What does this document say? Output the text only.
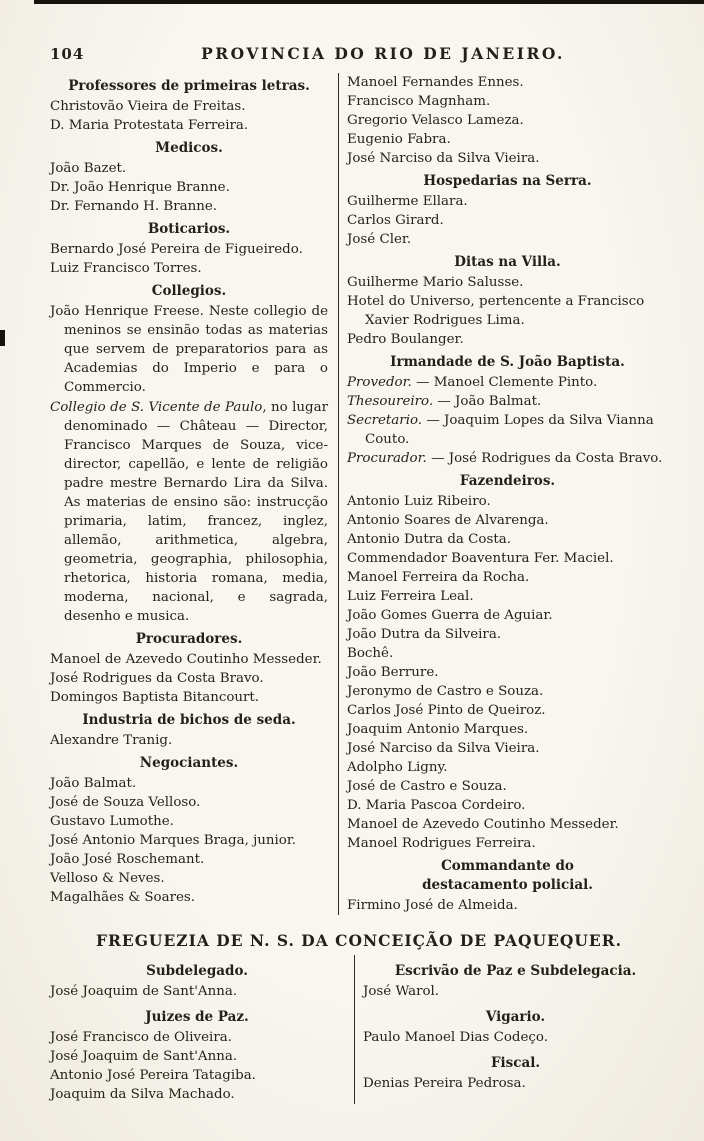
104	PROVINCIA DO RIO DE JANEIRO.
Professores de primeiras letras.
Christovão Vieira de Freitas.
D. Maria Protestata Ferreira.
Medicos.
João Bazet.
Dr. João Henrique Branne.
Dr. Fernando H. Branne.
Boticarios.
Bernardo José Pereira de Figueiredo.
Luiz Francisco Torres.
Collegios.

João Henrique Freese. Neste collegio de meninos se ensinão todas as materias que servem de preparatorios para as Academias do Imperio e para o Commercio.

Collegio de S. Vicente de Paulo, no lugar denominado — Château — Director, Francisco Marques de Souza, vice-director, capellão, e lente de religião padre mestre Bernardo Lira da Silva. As materias de ensino são: instrucção primaria, latim, francez, inglez, allemão, arithmetica, algebra, geometria, geographia, philosophia, rhetorica, historia romana, media, moderna, nacional, e sagrada, desenho e musica.

Procuradores.
Manoel de Azevedo Coutinho Messeder.
José Rodrigues da Costa Bravo.
Domingos Baptista Bitancourt.
Industria de bichos de seda.
Alexandre Tranig.
Negociantes.
João Balmat.
José de Souza Velloso.
Gustavo Lumothe.
José Antonio Marques Braga, junior.
João José Roschemant.
Velloso & Neves.
Magalhães & Soares.
Manoel Fernandes Ennes.
Francisco Magnham.
Gregorio Velasco Lameza.
Eugenio Fabra.
José Narciso da Silva Vieira.
Hospedarias na Serra.
Guilherme Ellara.
Carlos Girard.
José Cler.
Ditas na Villa.
Guilherme Mario Salusse.
Hotel do Universo, pertencente a Francisco Xavier Rodrigues Lima.
Pedro Boulanger.
Irmandade de S. João Baptista.
Provedor. — Manoel Clemente Pinto.
Thesoureiro. — João Balmat.
Secretario. — Joaquim Lopes da Silva Vianna Couto.
Procurador. — José Rodrigues da Costa Bravo.
Fazendeiros.
Antonio Luiz Ribeiro.
Antonio Soares de Alvarenga.
Antonio Dutra da Costa.
Commendador Boaventura Fer. Maciel.
Manoel Ferreira da Rocha.
Luiz Ferreira Leal.
João Gomes Guerra de Aguiar.
João Dutra da Silveira.
Bochê.
João Berrure.
Jeronymo de Castro e Souza.
Carlos José Pinto de Queiroz.
Joaquim Antonio Marques.
José Narciso da Silva Vieira.
Adolpho Ligny.
José de Castro e Souza.
D. Maria Pascoa Cordeiro.
Manoel de Azevedo Coutinho Messeder.
Manoel Rodrigues Ferreira.
Commandante do destacamento policial.
Firmino José de Almeida.
FREGUEZIA DE N. S. DA CONCEIÇÃO DE PAQUEQUER.
Subdelegado.
José Joaquim de Sant'Anna.
Juizes de Paz.
José Francisco de Oliveira.
José Joaquim de Sant'Anna.
Antonio José Pereira Tatagiba.
Joaquim da Silva Machado.
Escrivão de Paz e Subdelegacia.
José Warol.
Vigario.
Paulo Manoel Dias Codeço.
Fiscal.
Denias Pereira Pedrosa.
